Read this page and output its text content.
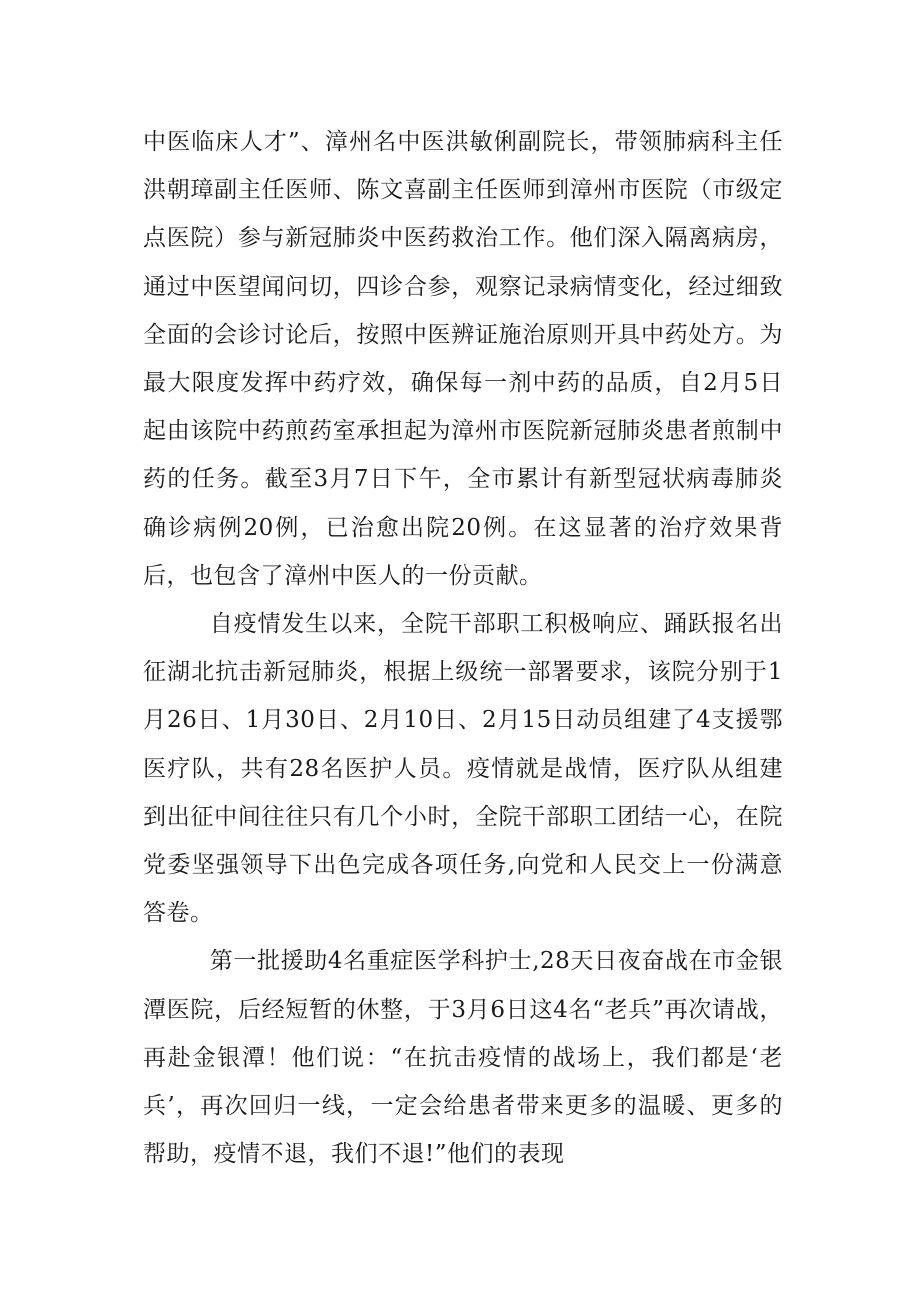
中医临床人才”、漳州名中医洪敏俐副院长，带领肺病科主任洪朝璋副主任医师、陈文喜副主任医师到漳州市医院（市级定点医院）参与新冠肺炎中医药救治工作。他们深入隔离病房，通过中医望闻问切，四诊合参，观察记录病情变化，经过细致全面的会诊讨论后，按照中医辨证施治原则开具中药处方。为最大限度发挥中药疗效，确保每一剂中药的品质，自2月5日起由该院中药煎药室承担起为漳州市医院新冠肺炎患者煎制中药的任务。截至3月7日下午，全市累计有新型冠状病毒肺炎确诊病例20例，已治愈出院20例。在这显著的治疗效果背后，也包含了漳州中医人的一份贡献。

自疫情发生以来，全院干部职工积极响应、踊跃报名出征湖北抗击新冠肺炎，根据上级统一部署要求，该院分别于1月26日、1月30日、2月10日、2月15日动员组建了4支援鄂医疗队，共有28名医护人员。疫情就是战情，医疗队从组建到出征中间往往只有几个小时，全院干部职工团结一心，在院党委坚强领导下出色完成各项任务,向党和人民交上一份满意答卷。

第一批援助4名重症医学科护士,28天日夜奋战在市金银潭医院，后经短暂的休整，于3月6日这4名“老兵”再次请战，再赴金银潭！他们说：“在抗击疫情的战场上，我们都是‘老兵’，再次回归一线，一定会给患者带来更多的温暖、更多的帮助，疫情不退，我们不退!”他们的表现
